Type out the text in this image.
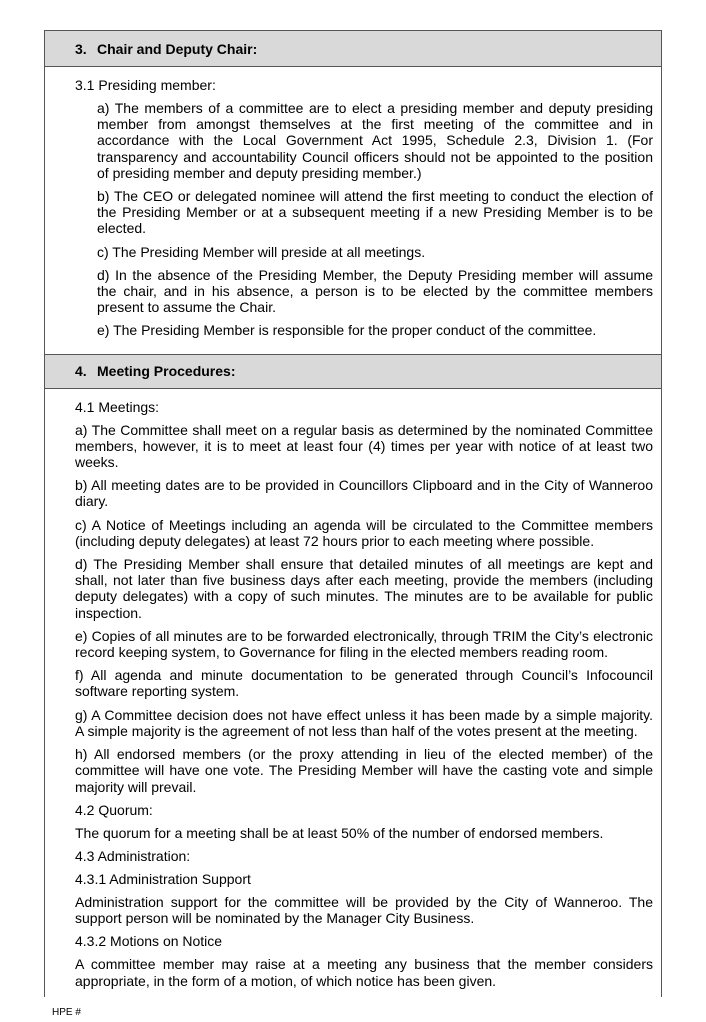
3. Chair and Deputy Chair:
3.1 Presiding member:
a) The members of a committee are to elect a presiding member and deputy presiding member from amongst themselves at the first meeting of the committee and in accordance with the Local Government Act 1995, Schedule 2.3, Division 1. (For transparency and accountability Council officers should not be appointed to the position of presiding member and deputy presiding member.)
b) The CEO or delegated nominee will attend the first meeting to conduct the election of the Presiding Member or at a subsequent meeting if a new Presiding Member is to be elected.
c) The Presiding Member will preside at all meetings.
d) In the absence of the Presiding Member, the Deputy Presiding member will assume the chair, and in his absence, a person is to be elected by the committee members present to assume the Chair.
e) The Presiding Member is responsible for the proper conduct of the committee.
4. Meeting Procedures:
4.1 Meetings:
a) The Committee shall meet on a regular basis as determined by the nominated Committee members, however, it is to meet at least four (4) times per year with notice of at least two weeks.
b) All meeting dates are to be provided in Councillors Clipboard and in the City of Wanneroo diary.
c) A Notice of Meetings including an agenda will be circulated to the Committee members (including deputy delegates) at least 72 hours prior to each meeting where possible.
d) The Presiding Member shall ensure that detailed minutes of all meetings are kept and shall, not later than five business days after each meeting, provide the members (including deputy delegates) with a copy of such minutes. The minutes are to be available for public inspection.
e) Copies of all minutes are to be forwarded electronically, through TRIM the City’s electronic record keeping system, to Governance for filing in the elected members reading room.
f) All agenda and minute documentation to be generated through Council’s Infocouncil software reporting system.
g) A Committee decision does not have effect unless it has been made by a simple majority. A simple majority is the agreement of not less than half of the votes present at the meeting.
h) All endorsed members (or the proxy attending in lieu of the elected member) of the committee will have one vote. The Presiding Member will have the casting vote and simple majority will prevail.
4.2 Quorum:
The quorum for a meeting shall be at least 50% of the number of endorsed members.
4.3 Administration:
4.3.1 Administration Support
Administration support for the committee will be provided by the City of Wanneroo. The support person will be nominated by the Manager City Business.
4.3.2 Motions on Notice
A committee member may raise at a meeting any business that the member considers appropriate, in the form of a motion, of which notice has been given.
HPE #
